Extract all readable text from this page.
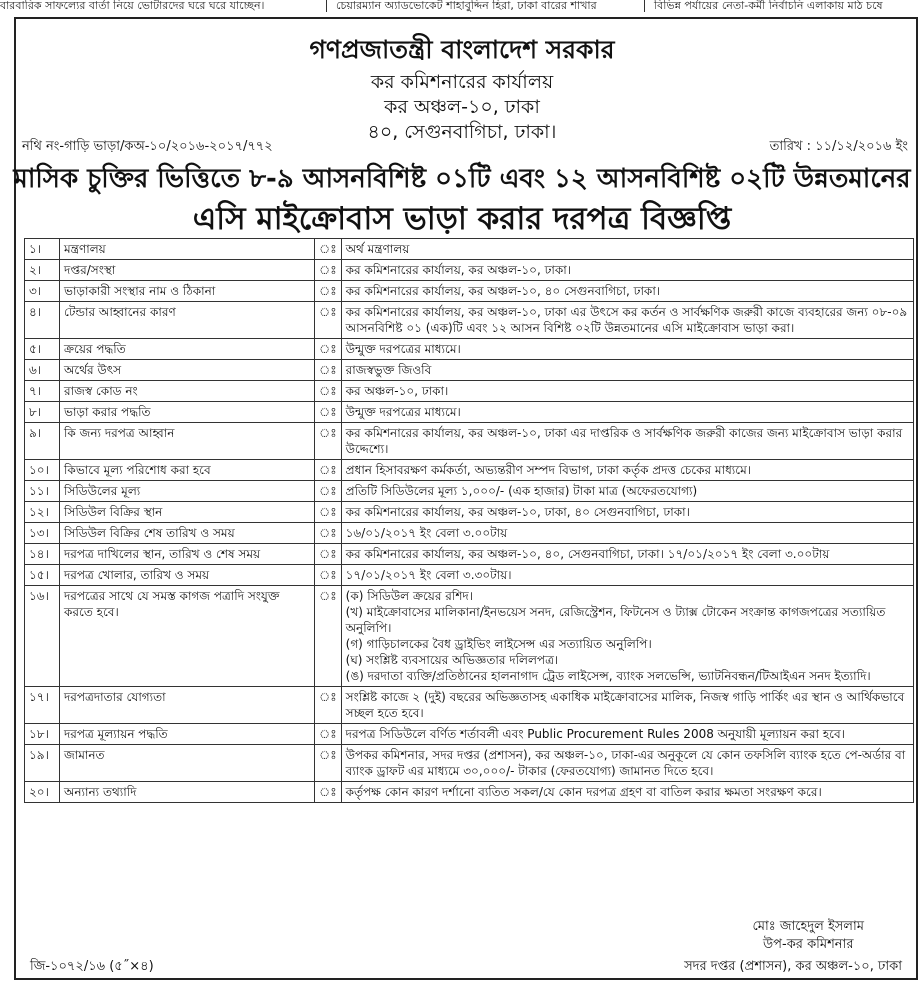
বারবারিক সাফল্যের বার্তা নিয়ে ভোটারদের ঘরে ঘরে যাচ্ছেন।	চেয়ারম্যান অ্যাডভোকেট শাহাবুদ্দিন হিরা, ঢাকা বারের শাখার	বিভিন্ন পর্যায়ের নেতা-কর্মী নির্বাচনি এলাকায় মাঠ চষে
গণপ্রজাতন্ত্রী বাংলাদেশ সরকার
কর কমিশনারের কার্যালয়
কর অঞ্চল-১০, ঢাকা
৪০, সেগুনবাগিচা, ঢাকা।
নথি নং-গাড়ি ভাড়া/কঅ-১০/২০১৬-২০১৭/৭৭২	তারিখ : ১১/১২/২০১৬ ইং
মাসিক চুক্তির ভিত্তিতে ৮-৯ আসনবিশিষ্ট ০১টি এবং ১২ আসনবিশিষ্ট ০২টি উন্নতমানের
এসি মাইক্রোবাস ভাড়া করার দরপত্র বিজ্ঞপ্তি
১।	মন্ত্রণালয়	ঃ	অর্থ মন্ত্রণালয়

২।	দপ্তর/সংস্থা	ঃ	কর কমিশনারের কার্যালয়, কর অঞ্চল-১০, ঢাকা।

৩।	ভাড়াকারী সংস্থার নাম ও ঠিকানা	ঃ	কর কমিশনারের কার্যালয়, কর অঞ্চল-১০, ৪০ সেগুনবাগিচা, ঢাকা।

৪।	টেন্ডার আহ্বানের কারণ	ঃ	কর কমিশনারের কার্যালয়, কর অঞ্চল-১০, ঢাকা এর উৎসে কর কর্তন ও সার্বক্ষণিক জরুরী কাজে ব্যবহারের জন্য ০৮-০৯ আসনবিশিষ্ট ০১ (এক)টি এবং ১২ আসন বিশিষ্ট ০২টি উন্নতমানের এসি মাইক্রোবাস ভাড়া করা।

৫।	ক্রয়ের পদ্ধতি	ঃ	উন্মুক্ত দরপত্রের মাধ্যমে।

৬।	অর্থের উৎস	ঃ	রাজস্বভুক্ত জিওবি

৭।	রাজস্ব কোড নং	ঃ	কর অঞ্চল-১০, ঢাকা।

৮।	ভাড়া করার পদ্ধতি	ঃ	উন্মুক্ত দরপত্রের মাধ্যমে।

৯।	কি জন্য দরপত্র আহ্বান	ঃ	কর কমিশনারের কার্যালয়, কর অঞ্চল-১০, ঢাকা এর দাপ্তরিক ও সার্বক্ষণিক জরুরী কাজের জন্য মাইক্রোবাস ভাড়া করার উদ্দেশ্যে।

১০।	কিভাবে মূল্য পরিশোধ করা হবে	ঃ	প্রধান হিসাবরক্ষণ কর্মকর্তা, অভ্যন্তরীণ সম্পদ বিভাগ, ঢাকা কর্তৃক প্রদত্ত চেকের মাধ্যমে।

১১।	সিডিউলের মূল্য	ঃ	প্রতিটি সিডিউলের মূল্য ১,০০০/- (এক হাজার) টাকা মাত্র (অফেরতযোগ্য)

১২।	সিডিউল বিক্রির স্থান	ঃ	কর কমিশনারের কার্যালয়, কর অঞ্চল-১০, ঢাকা, ৪০ সেগুনবাগিচা, ঢাকা।

১৩।	সিডিউল বিক্রির শেষ তারিখ ও সময়	ঃ	১৬/০১/২০১৭ ইং বেলা ৩.০০টায়

১৪।	দরপত্র দাখিলের স্থান, তারিখ ও শেষ সময়	ঃ	কর কমিশনারের কার্যালয়, কর অঞ্চল-১০, ৪০, সেগুনবাগিচা, ঢাকা। ১৭/০১/২০১৭ ইং বেলা ৩.০০টায়

১৫।	দরপত্র খোলার, তারিখ ও সময়	ঃ	১৭/০১/২০১৭ ইং বেলা ৩.৩০টায়।

১৬।	দরপত্রের সাথে যে সমস্ত কাগজ পত্রাদি সংযুক্ত করতে হবে।	ঃ	(ক) সিডিউল ক্রয়ের রশিদ।
(খ) মাইক্রোবাসের মালিকানা/ইনভয়েস সনদ, রেজিস্ট্রেশন, ফিটনেস ও ট্যাক্স টোকেন সংক্রান্ত কাগজপত্রের সত্যায়িত অনুলিপি।
(গ) গাড়িচালকের বৈধ ড্রাইভিং লাইসেন্স এর সত্যায়িত অনুলিপি।
(ঘ) সংশ্লিষ্ট ব্যবসায়ের অভিজ্ঞতার দলিলপত্র।
(ঙ) দরদাতা ব্যক্তি/প্রতিষ্ঠানের হালনাগাদ ট্রেড লাইসেন্স, ব্যাংক সলভেন্সি, ভ্যাটনিবন্ধন/টিআইএন সনদ ইত্যাদি।

১৭।	দরপত্রদাতার যোগ্যতা	ঃ	সংশ্লিষ্ট কাজে ২ (দুই) বছরের অভিজ্ঞতাসহ একাধিক মাইক্রোবাসের মালিক, নিজস্ব গাড়ি পার্কিং এর স্থান ও আর্থিকভাবে সচ্ছল হতে হবে।

১৮।	দরপত্র মূল্যায়ন পদ্ধতি	ঃ	দরপত্র সিডিউলে বর্ণিত শর্তাবলী এবং Public Procurement Rules 2008 অনুযায়ী মূল্যায়ন করা হবে।

১৯।	জামানত	ঃ	উপকর কমিশনার, সদর দপ্তর (প্রশাসন), কর অঞ্চল-১০, ঢাকা-এর অনুকূলে যে কোন তফসিলি ব্যাংক হতে পে-অর্ডার বা ব্যাংক ড্রাফট এর মাধ্যমে ৩০,০০০/- টাকার (ফেরতযোগ্য) জামানত দিতে হবে।

২০।	অন্যান্য তথ্যাদি	ঃ	কর্তৃপক্ষ কোন কারণ দর্শানো ব্যতিত সকল/যে কোন দরপত্র গ্রহণ বা বাতিল করার ক্ষমতা সংরক্ষণ করে।
মোঃ জাহেদুল ইসলাম
উপ-কর কমিশনার
সদর দপ্তর (প্রশাসন), কর অঞ্চল-১০, ঢাকা
জি-১০৭২/১৬ (৫˝×৪)
